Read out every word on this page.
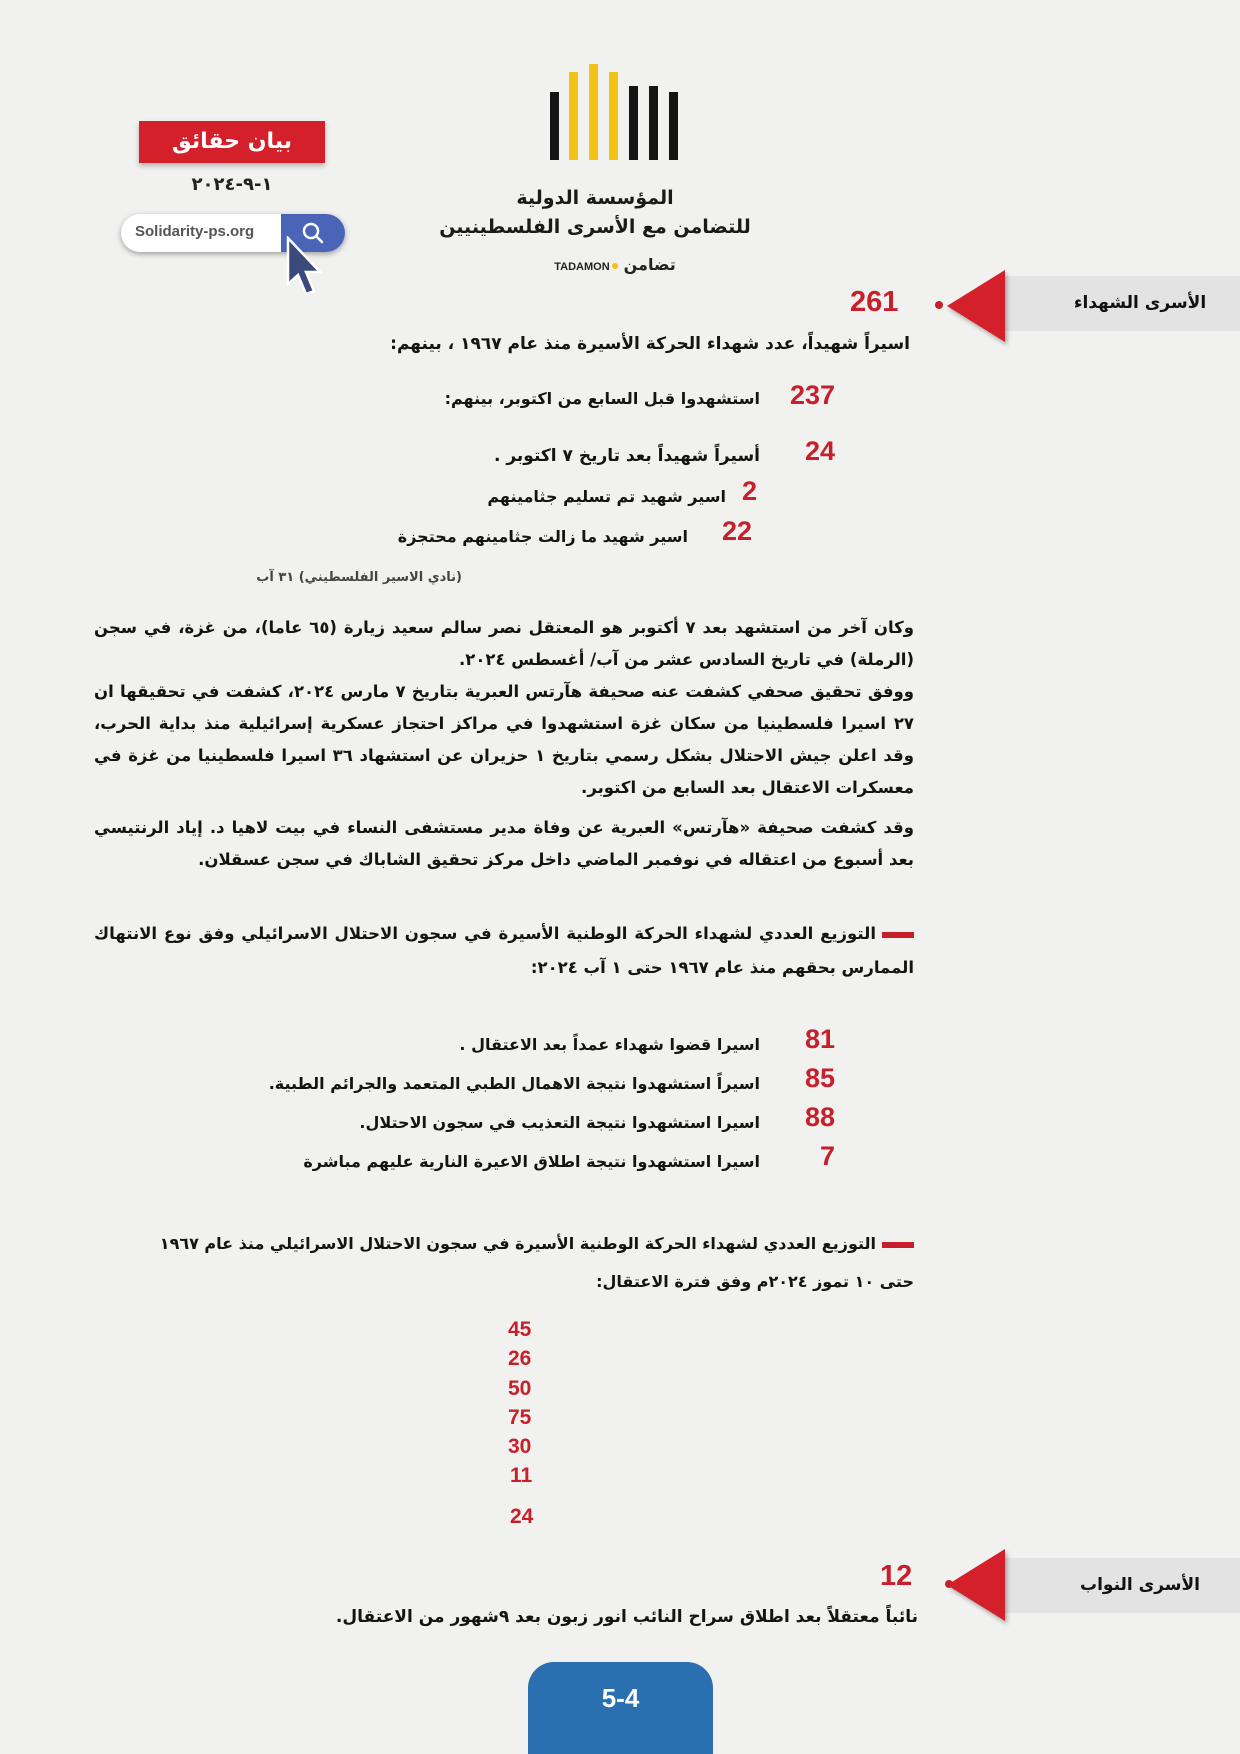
بيان حقائق
١-٩-٢٠٢٤
Solidarity-ps.org
المؤسسة الدولية
للتضامن مع الأسرى الفلسطينيين
TADAMON تضامن
الأسرى الشهداء
261
اسيراً شهيداً، عدد شهداء الحركة الأسيرة منذ عام ١٩٦٧ ، بينهم:
237
استشهدوا قبل السابع من اكتوبر، بينهم:
24
أسيراً شهيداً بعد تاريخ ٧ اكتوبر .
2
اسير شهيد تم تسليم جثامينهم
22
اسير شهيد ما زالت جثامينهم محتجزة
(نادي الاسير الفلسطيني) ٣١ آب
وكان آخر من استشهد بعد ٧ أكتوبر هو المعتقل نصر سالم سعيد زيارة (٦٥ عاما)، من غزة، في سجن (الرملة) في تاريخ السادس عشر من آب/ أغسطس ٢٠٢٤.
ووفق تحقيق صحفي كشفت عنه صحيفة هآرتس العبرية بتاريخ ٧ مارس ٢٠٢٤، كشفت في تحقيقها ان ٢٧ اسيرا فلسطينيا من سكان غزة استشهدوا في مراكز احتجاز عسكرية إسرائيلية منذ بداية الحرب، وقد اعلن جيش الاحتلال بشكل رسمي بتاريخ ١ حزيران عن استشهاد ٣٦ اسيرا فلسطينيا من غزة في معسكرات الاعتقال بعد السابع من اكتوبر.
وقد كشفت صحيفة «هآرتس» العبرية عن وفاة مدير مستشفى النساء في بيت لاهيا د. إياد الرنتيسي بعد أسبوع من اعتقاله في نوفمبر الماضي داخل مركز تحقيق الشاباك في سجن عسقلان.
التوزيع العددي لشهداء الحركة الوطنية الأسيرة في سجون الاحتلال الاسرائيلي وفق نوع الانتهاك الممارس بحقهم منذ عام ١٩٦٧ حتى ١ آب ٢٠٢٤:
81
اسيرا قضوا شهداء عمداً بعد الاعتقال .
85
اسيراً استشهدوا نتيجة الاهمال الطبي المتعمد والجرائم الطبية.
88
اسيرا استشهدوا نتيجة التعذيب في سجون الاحتلال.
7
اسيرا استشهدوا نتيجة اطلاق الاعيرة النارية عليهم مباشرة
التوزيع العددي لشهداء الحركة الوطنية الأسيرة في سجون الاحتلال الاسرائيلي منذ عام ١٩٦٧
حتى ١٠ تموز ٢٠٢٤م وفق فترة الاعتقال:
45
26
50
75
30
11
24
الأسرى النواب
12
نائباً معتقلاً بعد اطلاق سراح النائب انور زبون بعد ٩شهور من الاعتقال.
5-4
